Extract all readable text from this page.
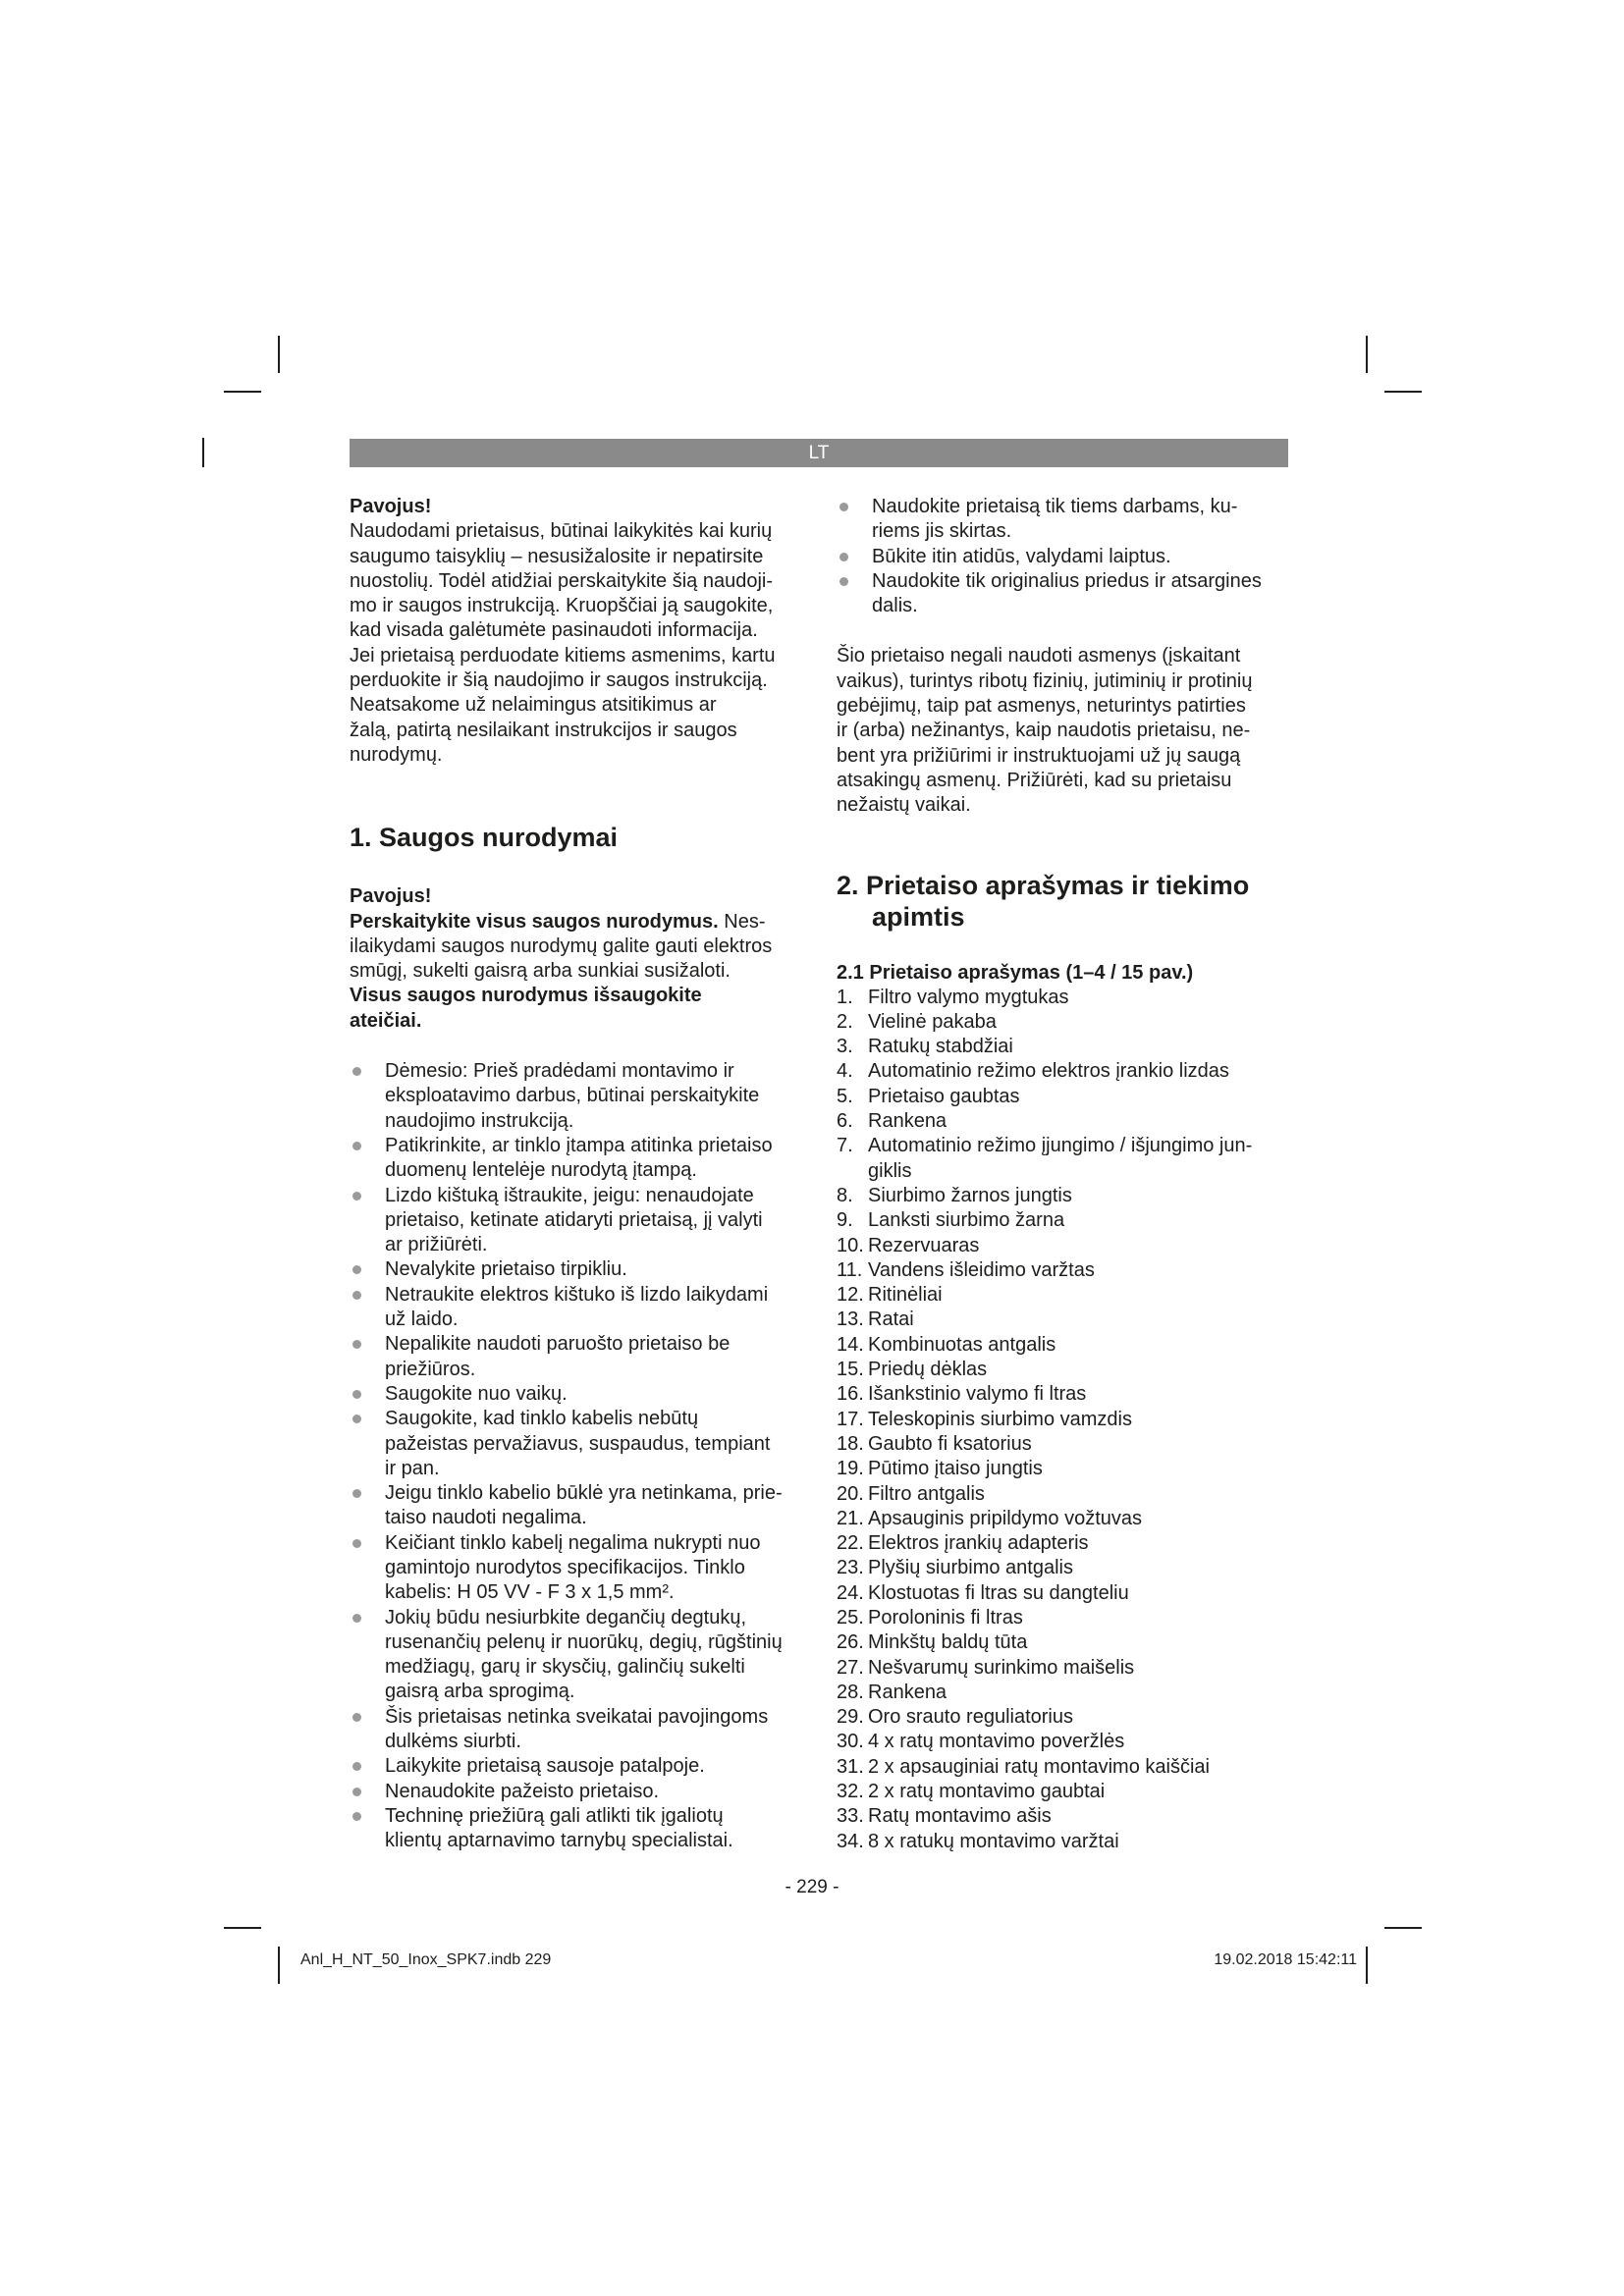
LT

Pavojus!

Naudodami prietaisus, būtinai laikykitės kai kurių

saugumo taisyklių – nesusižalosite ir nepatirsite

nuostolių. Todėl atidžiai perskaitykite šią naudoji-

mo ir saugos instrukciją. Kruopščiai ją saugokite,

kad visada galėtumėte pasinaudoti informacija.

Jei prietaisą perduodate kitiems asmenims, kartu

perduokite ir šią naudojimo ir saugos instrukciją.

Neatsakome už nelaimingus atsitikimus ar

žalą, patirtą nesilaikant instrukcijos ir saugos

nurodymų.

1. Saugos nurodymai

Pavojus!

Perskaitykite visus saugos nurodymus. Nes-

ilaikydami saugos nurodymų galite gauti elektros

smūgį, sukelti gaisrą arba sunkiai susižaloti.

Visus saugos nurodymus išsaugokite

ateičiai.

Dėmesio: Prieš pradėdami montavimo ir

eksploatavimo darbus, būtinai perskaitykite

naudojimo instrukciją.

Patikrinkite, ar tinklo įtampa atitinka prietaiso

duomenų lentelėje nurodytą įtampą.

Lizdo kištuką ištraukite, jeigu: nenaudojate

prietaiso, ketinate atidaryti prietaisą, jį valyti

ar prižiūrėti.

Nevalykite prietaiso tirpikliu.

Netraukite elektros kištuko iš lizdo laikydami

už laido.

Nepalikite naudoti paruošto prietaiso be

priežiūros.

Saugokite nuo vaikų.

Saugokite, kad tinklo kabelis nebūtų

pažeistas pervažiavus, suspaudus, tempiant

ir pan.

Jeigu tinklo kabelio būklė yra netinkama, prie-

taiso naudoti negalima.

Keičiant tinklo kabelį negalima nukrypti nuo

gamintojo nurodytos specifikacijos. Tinklo

kabelis: H 05 VV - F 3 x 1,5 mm².

Jokių būdu nesiurbkite degančių degtukų,

rusenančių pelenų ir nuorūkų, degių, rūgštinių

medžiagų, garų ir skysčių, galinčių sukelti

gaisrą arba sprogimą.

Šis prietaisas netinka sveikatai pavojingoms

dulkėms siurbti.

Laikykite prietaisą sausoje patalpoje.

Nenaudokite pažeisto prietaiso.

Techninę priežiūrą gali atlikti tik įgalіotų

klientų aptarnavimo tarnybų specialistai.

Naudokite prietaisą tik tiems darbams, ku-

riems jis skirtas.

Būkite itin atidūs, valydami laiptus.

Naudokite tik originalius priedus ir atsargines

dalis.

Šio prietaiso negali naudoti asmenys (įskaitant

vaikus), turintys ribotų fizinių, jutiminių ir protinių

gebėjimų, taip pat asmenys, neturintys patirties

ir (arba) nežinantys, kaip naudotis prietaisu, ne-

bent yra prižiūrimi ir instruktuojami už jų saugą

atsakingų asmenų. Prižiūrėti, kad su prietaisu

nežaistų vaikai.

2. Prietaiso aprašymas ir tiekimo

apimtis

2.1 Prietaiso aprašymas (1–4 / 15 pav.)

1. Filtro valymo mygtukas
2. Vielinė pakaba
3. Ratukų stabdžiai
4. Automatinio režimo elektros įrankio lizdas
5. Prietaiso gaubtas
6. Rankena
7. Automatinio režimo įjungimo / išjungimo jun-

giklis

8. Siurbimo žarnos jungtis
9. Lanksti siurbimo žarna
10. Rezervuaras
11. Vandens išleidimo varžtas
12. Ritinėliai
13. Ratai
14. Kombinuotas antgalis
15. Priedų dėklas
16. Išankstinio valymo fi ltras
17. Teleskopinis siurbimo vamzdis
18. Gaubto fi ksatorius
19. Pūtimo įtaiso jungtis
20. Filtro antgalis
21. Apsauginis pripildymo vožtuvas
22. Elektros įrankių adapteris
23. Plyšių siurbimo antgalis
24. Klostuotas fi ltras su dangteliu
25. Porolоninis fi ltras
26. Minkštų baldų tūta
27. Nešvarumų surinkimo maišelis
28. Rankena
29. Oro srauto reguliatorius
30. 4 x ratų montavimo poveržlės
31. 2 x apsauginiai ratų montavimo kaiščiai
32. 2 x ratų montavimo gaubtai
33. Ratų montavimo ašis
34. 8 x ratukų montavimo varžtai
- 229 -
Anl_H_NT_50_Inox_SPK7.indb 229	19.02.2018 15:42:11
